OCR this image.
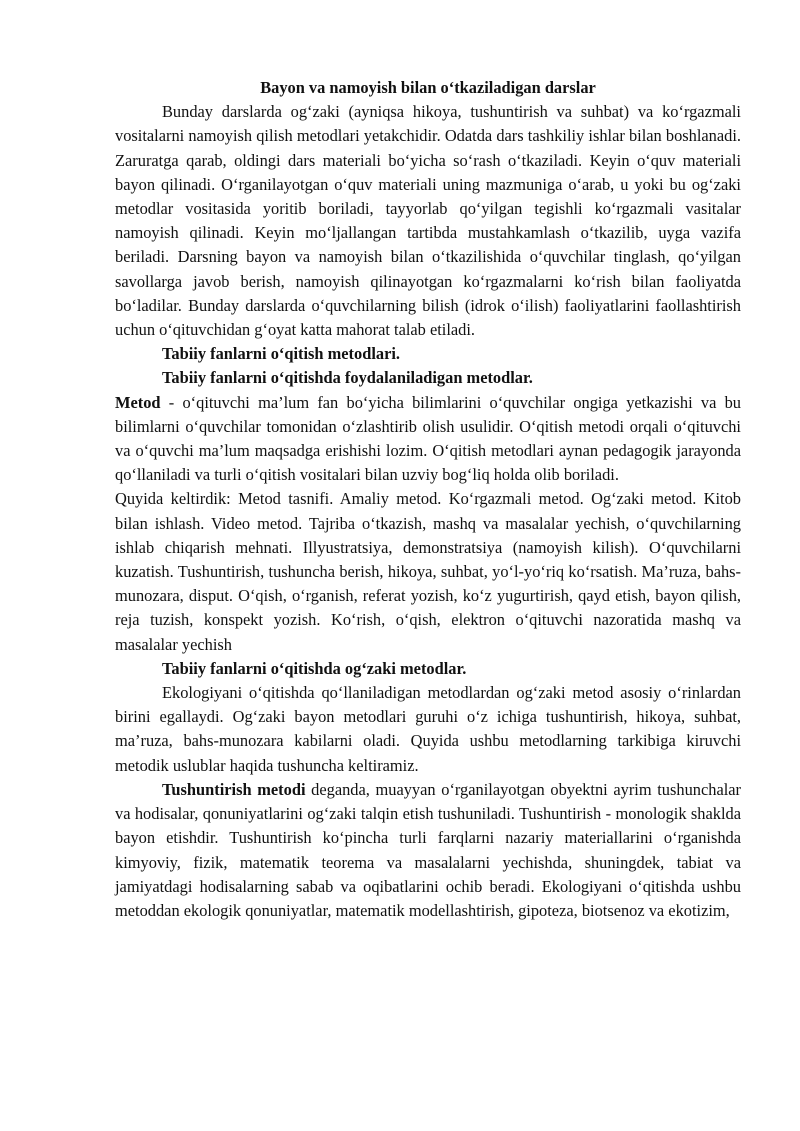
Bayon va namoyish bilan o‘tkaziladigan darslar

Bunday darslarda og‘zaki (ayniqsa hikoya, tushuntirish va suhbat) va ko‘rgazmali vositalarni namoyish qilish metodlari yetakchidir. Odatda dars tashkiliy ishlar bilan boshlanadi. Zaruratga qarab, oldingi dars materiali bo‘yicha so‘rash o‘tkaziladi. Keyin o‘quv materiali bayon qilinadi. O‘rganilayotgan o‘quv materiali uning mazmuniga o‘arab, u yoki bu og‘zaki metodlar vositasida yoritib boriladi, tayyorlab qo‘yilgan tegishli ko‘rgazmali vasitalar namoyish qilinadi. Keyin mo‘ljallangan tartibda mustahkamlash o‘tkazilib, uyga vazifa beriladi. Darsning bayon va namoyish bilan o‘tkazilishida o‘quvchilar tinglash, qo‘yilgan savollarga javob berish, namoyish qilinayotgan ko‘rgazmalarni ko‘rish bilan faoliyatda bo‘ladilar. Bunday darslarda o‘quvchilarning bilish (idrok o‘ilish) faoliyatlarini faollashtirish uchun o‘qituvchidan g‘oyat katta mahorat talab etiladi.

Tabiiy fanlarni o‘qitish metodlari.

Tabiiy fanlarni o‘qitishda foydalaniladigan metodlar.

Metod - o‘qituvchi ma’lum fan bo‘yicha bilimlarini o‘quvchilar ongiga yetkazishi va bu bilimlarni o‘quvchilar tomonidan o‘zlashtirib olish usulidir. O‘qitish metodi orqali o‘qituvchi va o‘quvchi ma’lum maqsadga erishishi lozim. O‘qitish metodlari aynan pedagogik jarayonda qo‘llaniladi va turli o‘qitish vositalari bilan uzviy bog‘liq holda olib boriladi.

Quyida keltirdik: Metod tasnifi. Amaliy metod. Ko‘rgazmali metod. Og‘zaki metod. Kitob bilan ishlash. Video metod. Tajriba o‘tkazish, mashq va masalalar yechish, o‘quvchilarning ishlab chiqarish mehnati. Illyustratsiya, demonstratsiya (namoyish kilish). O‘quvchilarni kuzatish. Tushuntirish, tushuncha berish, hikoya, suhbat, yo‘l-yo‘riq ko‘rsatish. Ma’ruza, bahs-munozara, disput. O‘qish, o‘rganish, referat yozish, ko‘z yugurtirish, qayd etish, bayon qilish, reja tuzish, konspekt yozish. Ko‘rish, o‘qish, elektron o‘qituvchi nazoratida mashq va masalalar yechish

Tabiiy fanlarni o‘qitishda og‘zaki metodlar.

Ekologiyani o‘qitishda qo‘llaniladigan metodlardan og‘zaki metod asosiy o‘rinlardan birini egallaydi. Og‘zaki bayon metodlari guruhi o‘z ichiga tushuntirish, hikoya, suhbat, ma’ruza, bahs-munozara kabilarni oladi. Quyida ushbu metodlarning tarkibiga kiruvchi metodik uslublar haqida tushuncha keltiramiz.

Tushuntirish metodi deganda, muayyan o‘rganilayotgan obyektni ayrim tushunchalar va hodisalar, qonuniyatlarini og‘zaki talqin etish tushuniladi. Tushuntirish - monologik shaklda bayon etishdir. Tushuntirish ko‘pincha turli farqlarni nazariy materiallarini o‘rganishda kimyoviy, fizik, matematik teorema va masalalarni yechishda, shuningdek, tabiat va jamiyatdagi hodisalarning sabab va oqibatlarini ochib beradi. Ekologiyani o‘qitishda ushbu metoddan ekologik qonuniyatlar, matematik modellashtirish, gipoteza, biotsenoz va ekotizim,
